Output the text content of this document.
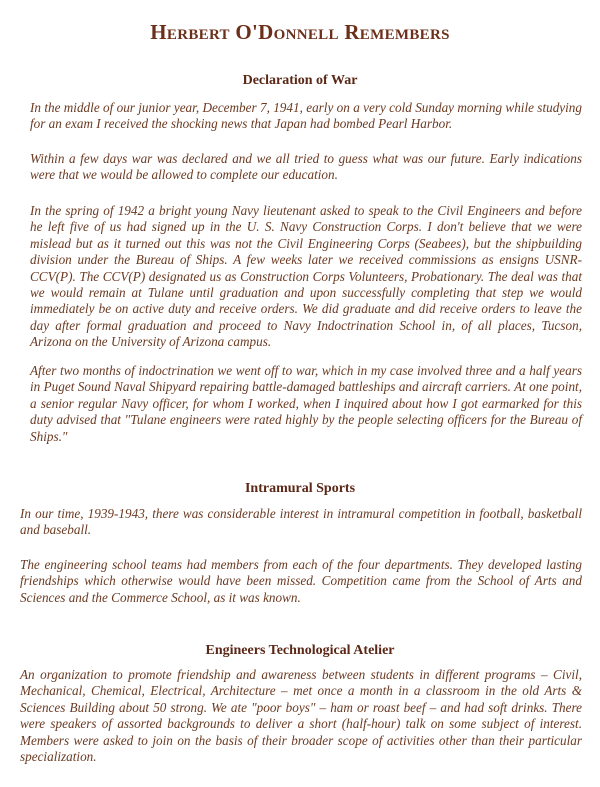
Herbert O'Donnell Remembers
Declaration of War
In the middle of our junior year, December 7, 1941, early on a very cold Sunday morning while studying for an exam I received the shocking news that Japan had bombed Pearl Harbor.
Within a few days war was declared and we all tried to guess what was our future. Early indications were that we would be allowed to complete our education.
In the spring of 1942 a bright young Navy lieutenant asked to speak to the Civil Engineers and before he left five of us had signed up in the U. S. Navy Construction Corps. I don't believe that we were mislead but as it turned out this was not the Civil Engineering Corps (Seabees), but the shipbuilding division under the Bureau of Ships. A few weeks later we received commissions as ensigns USNR-CCV(P). The CCV(P) designated us as Construction Corps Volunteers, Probationary. The deal was that we would remain at Tulane until graduation and upon successfully completing that step we would immediately be on active duty and receive orders. We did graduate and did receive orders to leave the day after formal graduation and proceed to Navy Indoctrination School in, of all places, Tucson, Arizona on the University of Arizona campus.
After two months of indoctrination we went off to war, which in my case involved three and a half years in Puget Sound Naval Shipyard repairing battle-damaged battleships and aircraft carriers. At one point, a senior regular Navy officer, for whom I worked, when I inquired about how I got earmarked for this duty advised that "Tulane engineers were rated highly by the people selecting officers for the Bureau of Ships."
Intramural Sports
In our time, 1939-1943, there was considerable interest in intramural competition in football, basketball and baseball.
The engineering school teams had members from each of the four departments. They developed lasting friendships which otherwise would have been missed. Competition came from the School of Arts and Sciences and the Commerce School, as it was known.
Engineers Technological Atelier
An organization to promote friendship and awareness between students in different programs – Civil, Mechanical, Chemical, Electrical, Architecture – met once a month in a classroom in the old Arts & Sciences Building about 50 strong. We ate "poor boys" – ham or roast beef – and had soft drinks. There were speakers of assorted backgrounds to deliver a short (half-hour) talk on some subject of interest. Members were asked to join on the basis of their broader scope of activities other than their particular specialization.
